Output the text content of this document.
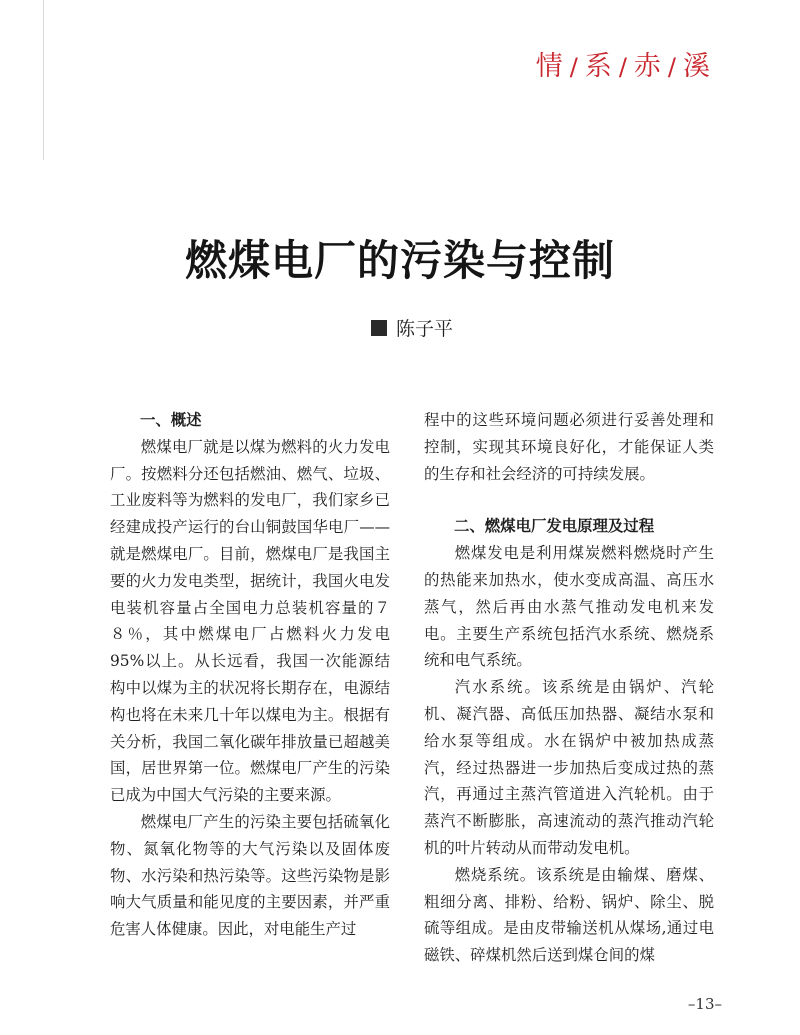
情 / 系 / 赤 / 溪
燃煤电厂的污染与控制
陈子平

一、概述

燃煤电厂就是以煤为燃料的火力发电厂。按燃料分还包括燃油、燃气、垃圾、工业废料等为燃料的发电厂，我们家乡已经建成投产运行的台山铜鼓国华电厂——就是燃煤电厂。目前，燃煤电厂是我国主要的火力发电类型，据统计，我国火电发电装机容量占全国电力总装机容量的７８％，其中燃煤电厂占燃料火力发电95%以上。从长远看，我国一次能源结构中以煤为主的状况将长期存在，电源结构也将在未来几十年以煤电为主。根据有关分析，我国二氧化碳年排放量已超越美国，居世界第一位。燃煤电厂产生的污染已成为中国大气污染的主要来源。

燃煤电厂产生的污染主要包括硫氧化物、氮氧化物等的大气污染以及固体废物、水污染和热污染等。这些污染物是影响大气质量和能见度的主要因素，并严重危害人体健康。因此，对电能生产过

程中的这些环境问题必须进行妥善处理和控制，实现其环境良好化，才能保证人类的生存和社会经济的可持续发展。

二、燃煤电厂发电原理及过程

燃煤发电是利用煤炭燃料燃烧时产生的热能来加热水，使水变成高温、高压水蒸气，然后再由水蒸气推动发电机来发电。主要生产系统包括汽水系统、燃烧系统和电气系统。

汽水系统。该系统是由锅炉、汽轮机、凝汽器、高低压加热器、凝结水泵和给水泵等组成。水在锅炉中被加热成蒸汽，经过热器进一步加热后变成过热的蒸汽，再通过主蒸汽管道进入汽轮机。由于蒸汽不断膨胀，高速流动的蒸汽推动汽轮机的叶片转动从而带动发电机。

燃烧系统。该系统是由输煤、磨煤、粗细分离、排粉、给粉、锅炉、除尘、脱硫等组成。是由皮带输送机从煤场,通过电磁铁、碎煤机然后送到煤仓间的煤

–13–
